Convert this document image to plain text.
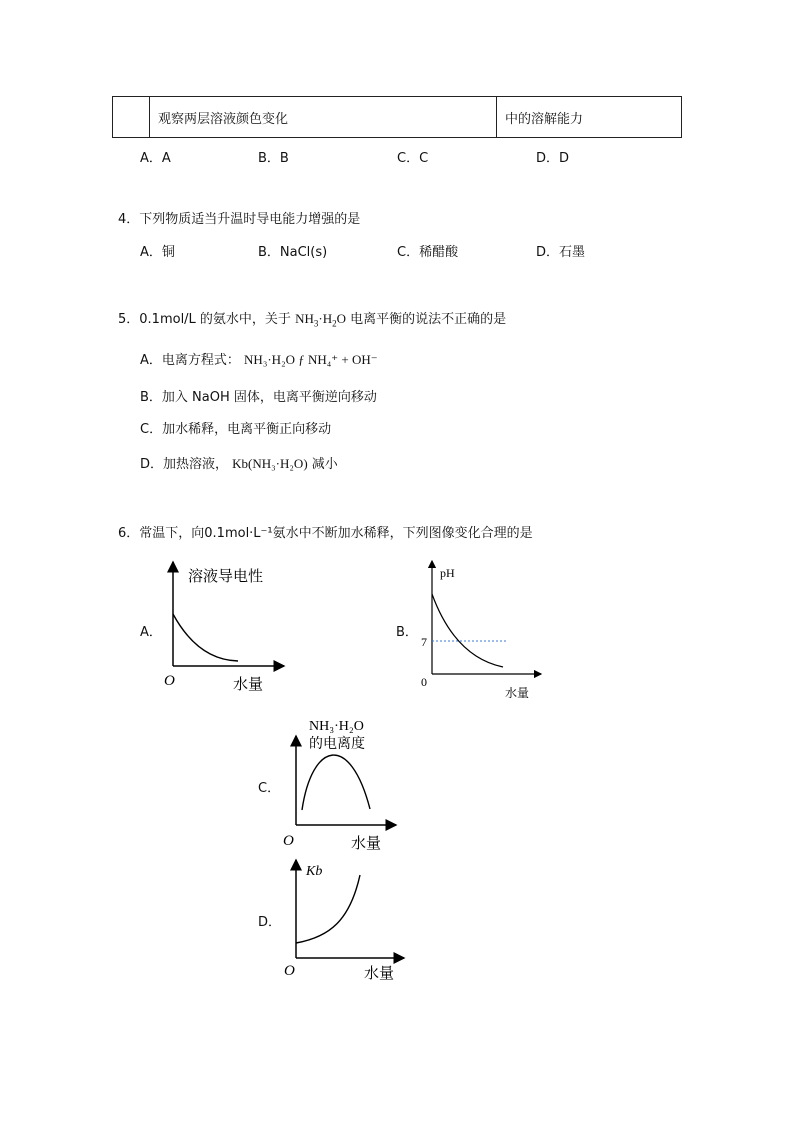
	观察两层溶液颜色变化	中的溶解能力
A．A	B．B	C．C	D．D
4．下列物质适当升温时导电能力增强的是
A．铜	B．NaCl(s)	C．稀醋酸	D．石墨
5．0.1mol/L 的氨水中，关于 $NH_3\cdot H_2O$ 电离平衡的说法不正确的是
A．电离方程式： NH₃·H₂O ƒ NH₄⁺ + OH⁻
B．加入 NaOH 固体，电离平衡逆向移动
C．加水稀释，电离平衡正向移动
D．加热溶液， Kb(NH₃·H₂O) 减小
6．常温下，向0.1mol·L⁻¹氨水中不断加水稀释，下列图像变化合理的是
A．
溶液导电性
O	水量
B．
pH
7
0
水量
C．
NH₃·H₂O
的电离度
O	水量
D．
Kb
O	水量
